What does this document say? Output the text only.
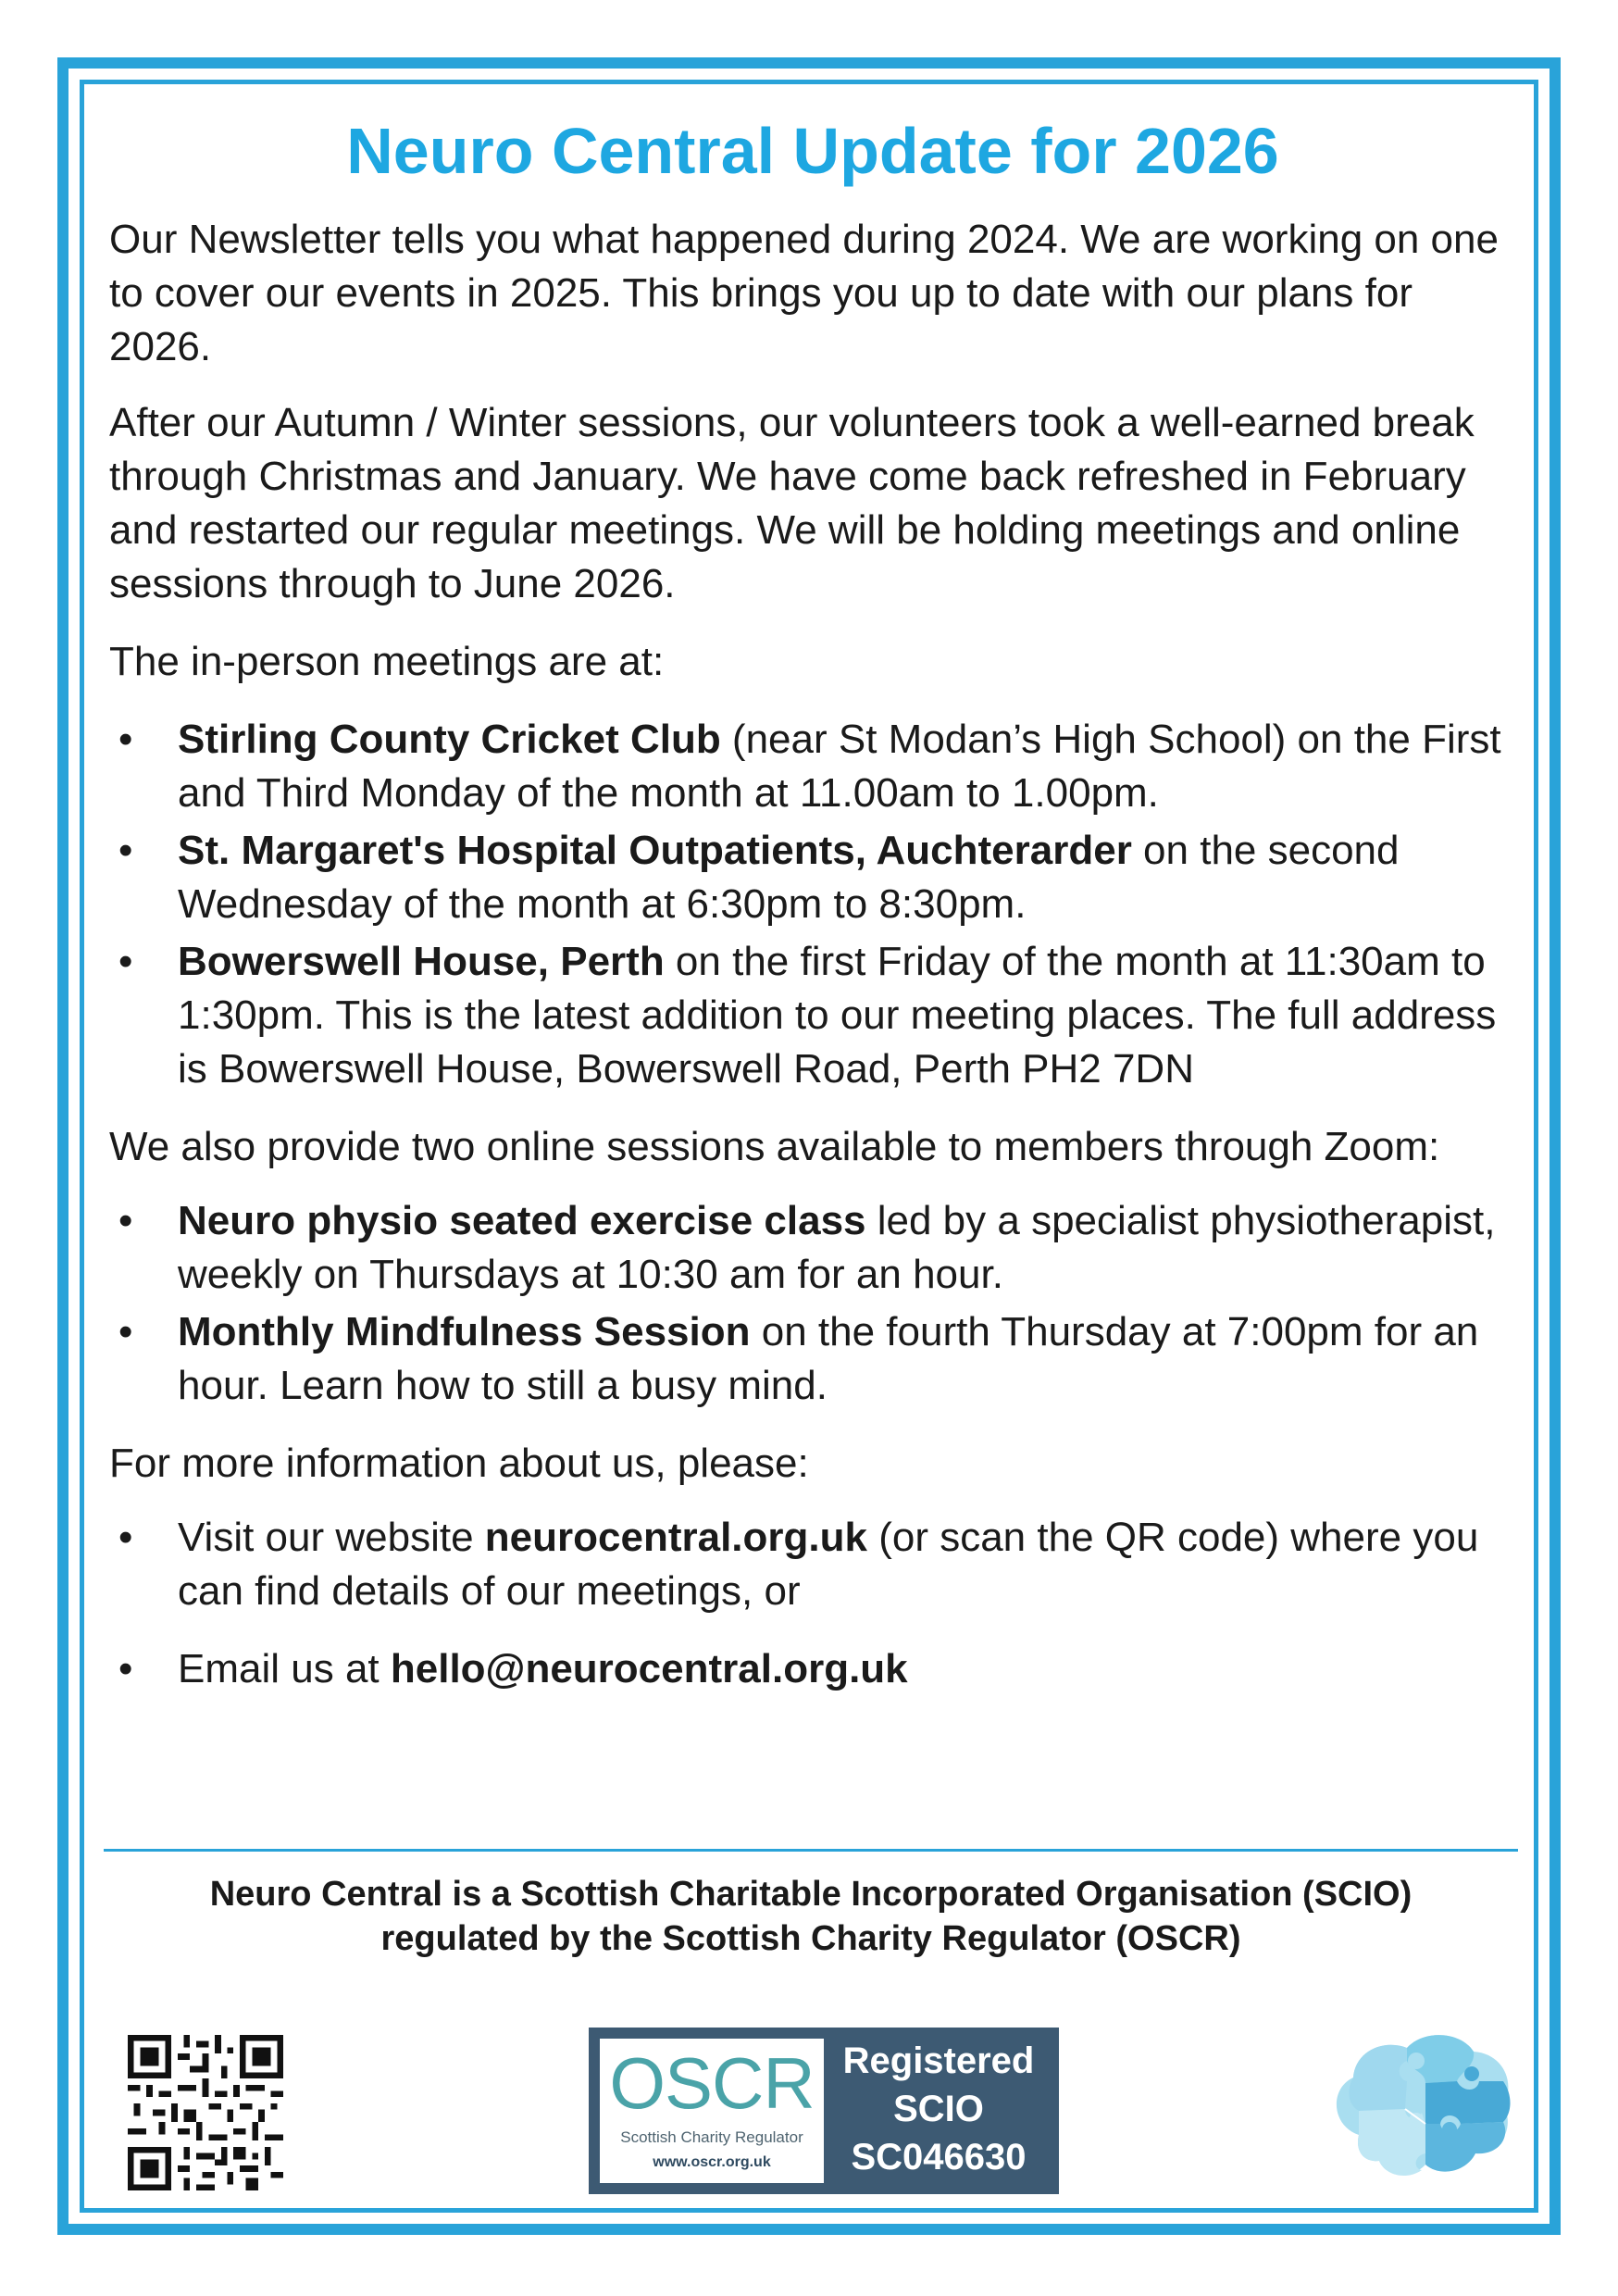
Neuro Central Update for 2026

Our Newsletter tells you what happened during 2024. We are working on one to cover our events in 2025. This brings you up to date with our plans for 2026.

After our Autumn / Winter sessions, our volunteers took a well-earned break through Christmas and January. We have come back refreshed in February and restarted our regular meetings. We will be holding meetings and online sessions through to June 2026.

The in-person meetings are at:

• Stirling County Cricket Club (near St Modan’s High School) on the First and Third Monday of the month at 11.00am to 1.00pm.
• St. Margaret's Hospital Outpatients, Auchterarder on the second Wednesday of the month at 6:30pm to 8:30pm.
• Bowerswell House, Perth on the first Friday of the month at 11:30am to 1:30pm. This is the latest addition to our meeting places. The full address is Bowerswell House, Bowerswell Road, Perth PH2 7DN

We also provide two online sessions available to members through Zoom:

• Neuro physio seated exercise class led by a specialist physiotherapist, weekly on Thursdays at 10:30 am for an hour.
• Monthly Mindfulness Session on the fourth Thursday at 7:00pm for an hour. Learn how to still a busy mind.

For more information about us, please:

• Visit our website neurocentral.org.uk (or scan the QR code) where you can find details of our meetings, or
• Email us at hello@neurocentral.org.uk
Neuro Central is a Scottish Charitable Incorporated Organisation (SCIO)
regulated by the Scottish Charity Regulator (OSCR)
OSCR
Scottish Charity Regulator
www.oscr.org.uk
Registered
SCIO
SC046630
